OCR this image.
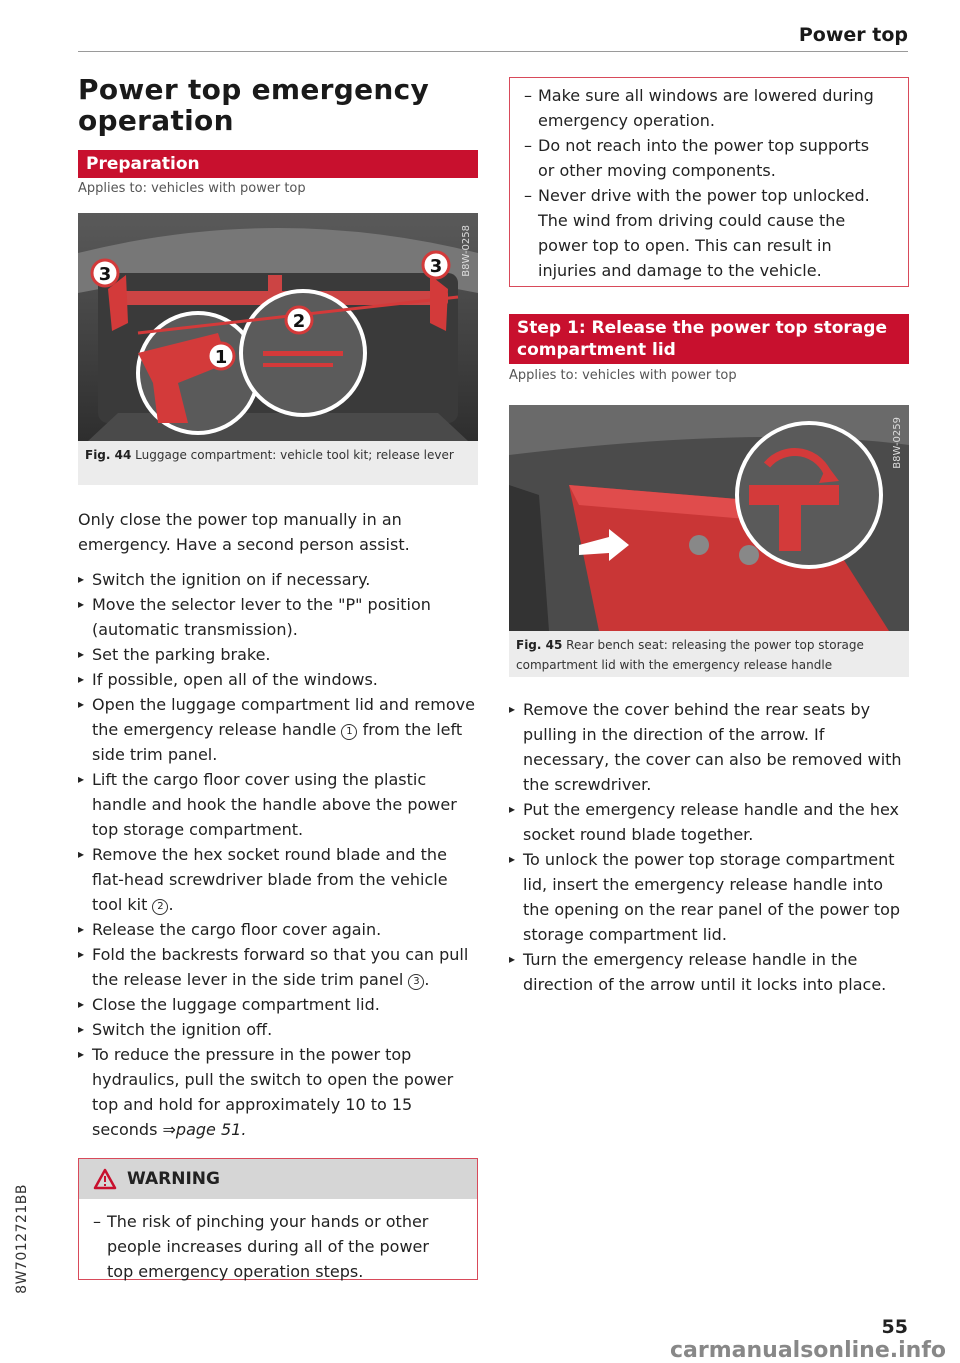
Power top
Power top emergency operation
Preparation
Applies to: vehicles with power top
1
2
3	3 B8W-0258
Fig. 44 Luggage compartment: vehicle tool kit; release lever
Only close the power top manually in an emergency. Have a second person assist.
▸ Switch the ignition on if necessary.
▸ Move the selector lever to the "P" position (automatic transmission).
▸ Set the parking brake.
▸ If possible, open all of the windows.
▸ Open the luggage compartment lid and remove the emergency release handle 1 from the left side trim panel.
▸ Lift the cargo floor cover using the plastic handle and hook the handle above the power top storage compartment.
▸ Remove the hex socket round blade and the flat-head screwdriver blade from the vehicle tool kit 2 .
▸ Release the cargo floor cover again.
▸ Fold the backrests forward so that you can pull the release lever in the side trim panel 3 .
▸ Close the luggage compartment lid.
▸ Switch the ignition off.
▸ To reduce the pressure in the power top hydraulics, pull the switch to open the power top and hold for approximately 10 to 15 seconds ⇒page 51.
WARNING
– The risk of pinching your hands or other people increases during all of the power top emergency operation steps.
– Make sure all windows are lowered during emergency operation.
– Do not reach into the power top supports or other moving components.
– Never drive with the power top unlocked. The wind from driving could cause the power top to open. This can result in injuries and damage to the vehicle.
Step 1: Release the power top storage compartment lid
Applies to: vehicles with power top
B8W-0259
Fig. 45 Rear bench seat: releasing the power top storage compartment lid with the emergency release handle
▸ Remove the cover behind the rear seats by pulling in the direction of the arrow. If necessary, the cover can also be removed with the screwdriver.
▸ Put the emergency release handle and the hex socket round blade together.
▸ To unlock the power top storage compartment lid, insert the emergency release handle into the opening on the rear panel of the power top storage compartment lid.
▸ Turn the emergency release handle in the direction of the arrow until it locks into place.
8W7012721BB
55
carmanualsonline.info
